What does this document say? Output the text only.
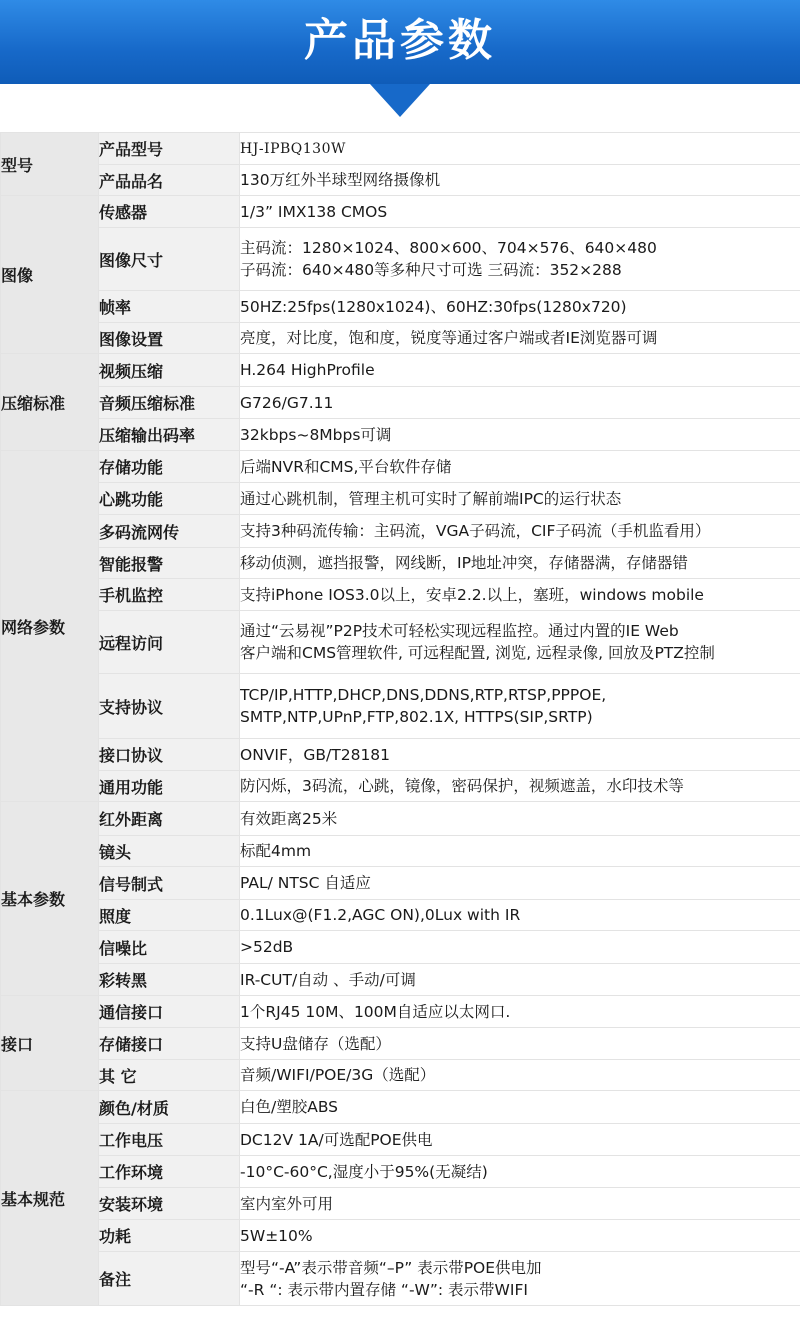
产品参数
型号	产品型号	HJ-IPBQ130W

	产品品名	130万红外半球型网络摄像机

图像	传感器	1/3” IMX138 CMOS

	图像尺寸	主码流：1280×1024、800×600、704×576、640×480
子码流：640×480等多种尺寸可选 三码流：352×288

	帧率	50HZ:25fps(1280x1024)、60HZ:30fps(1280x720)

	图像设置	亮度，对比度，饱和度，锐度等通过客户端或者IE浏览器可调

压缩标准	视频压缩	H.264 HighProfile

	音频压缩标准	G726/G7.11

	压缩输出码率	32kbps~8Mbps可调

网络参数	存储功能	后端NVR和CMS,平台软件存储

	心跳功能	通过心跳机制，管理主机可实时了解前端IPC的运行状态

	多码流网传	支持3种码流传输：主码流，VGA子码流，CIF子码流（手机监看用）

	智能报警	移动侦测，遮挡报警，网线断，IP地址冲突，存储器满，存储器错

	手机监控	支持iPhone IOS3.0以上，安卓2.2.以上，塞班，windows mobile

	远程访问	通过“云易视”P2P技术可轻松实现远程监控。通过内置的IE Web
客户端和CMS管理软件, 可远程配置, 浏览, 远程录像, 回放及PTZ控制

	支持协议	TCP/IP,HTTP,DHCP,DNS,DDNS,RTP,RTSP,PPPOE,
SMTP,NTP,UPnP,FTP,802.1X, HTTPS(SIP,SRTP)

	接口协议	ONVIF，GB/T28181

	通用功能	防闪烁，3码流，心跳，镜像，密码保护，视频遮盖，水印技术等

基本参数	红外距离	有效距离25米

	镜头	标配4mm

	信号制式	PAL/ NTSC 自适应

	照度	0.1Lux@(F1.2,AGC ON),0Lux with IR

	信噪比	>52dB

	彩转黑	IR-CUT/自动 、手动/可调

接口	通信接口	1个RJ45 10M、100M自适应以太网口.

	存储接口	支持U盘储存（选配）

	其 它	音频/WIFI/POE/3G（选配）

基本规范	颜色/材质	白色/塑胶ABS

	工作电压	DC12V 1A/可选配POE供电

	工作环境	-10°C-60°C,湿度小于95%(无凝结)

	安装环境	室内室外可用

	功耗	5W±10%

	备注	型号“-A”表示带音频“–P” 表示带POE供电加
“-R “: 表示带内置存储 “-W”: 表示带WIFI
